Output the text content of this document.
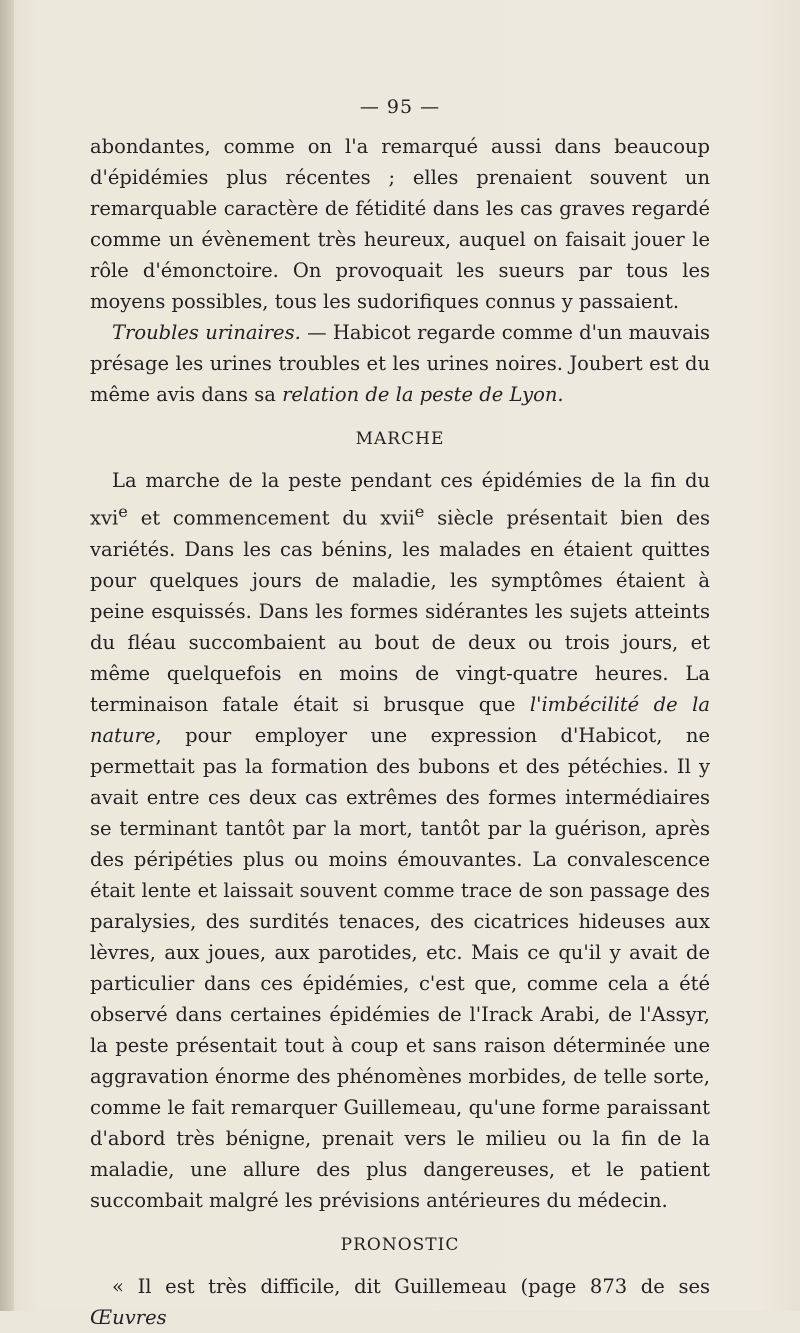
— 95 —

abondantes, comme on l'a remarqué aussi dans beaucoup d'épidémies plus récentes ; elles prenaient souvent un remarquable caractère de fétidité dans les cas graves regardé comme un évènement très heureux, auquel on faisait jouer le rôle d'émonctoire. On provoquait les sueurs par tous les moyens possibles, tous les sudorifiques connus y passaient.

Troubles urinaires. — Habicot regarde comme d'un mauvais présage les urines troubles et les urines noires. Joubert est du même avis dans sa relation de la peste de Lyon.

MARCHE

La marche de la peste pendant ces épidémies de la fin du xvi$^e$ et commencement du xvii$^e$ siècle présentait bien des variétés. Dans les cas bénins, les malades en étaient quittes pour quelques jours de maladie, les symptômes étaient à peine esquissés. Dans les formes sidérantes les sujets atteints du fléau succombaient au bout de deux ou trois jours, et même quelquefois en moins de vingt-quatre heures. La terminaison fatale était si brusque que l'imbécilité de la nature, pour employer une expression d'Habicot, ne permettait pas la formation des bubons et des pétéchies. Il y avait entre ces deux cas extrêmes des formes intermédiaires se terminant tantôt par la mort, tantôt par la guérison, après des péripéties plus ou moins émouvantes. La convalescence était lente et laissait souvent comme trace de son passage des paralysies, des surdités tenaces, des cicatrices hideuses aux lèvres, aux joues, aux parotides, etc. Mais ce qu'il y avait de particulier dans ces épidémies, c'est que, comme cela a été observé dans certaines épidémies de l'Irack Arabi, de l'Assyr, la peste présentait tout à coup et sans raison déterminée une aggravation énorme des phénomènes morbides, de telle sorte, comme le fait remarquer Guillemeau, qu'une forme paraissant d'abord très bénigne, prenait vers le milieu ou la fin de la maladie, une allure des plus dangereuses, et le patient succombait malgré les prévisions antérieures du médecin.

PRONOSTIC

« Il est très difficile, dit Guillemeau (page 873 de ses Œuvres
